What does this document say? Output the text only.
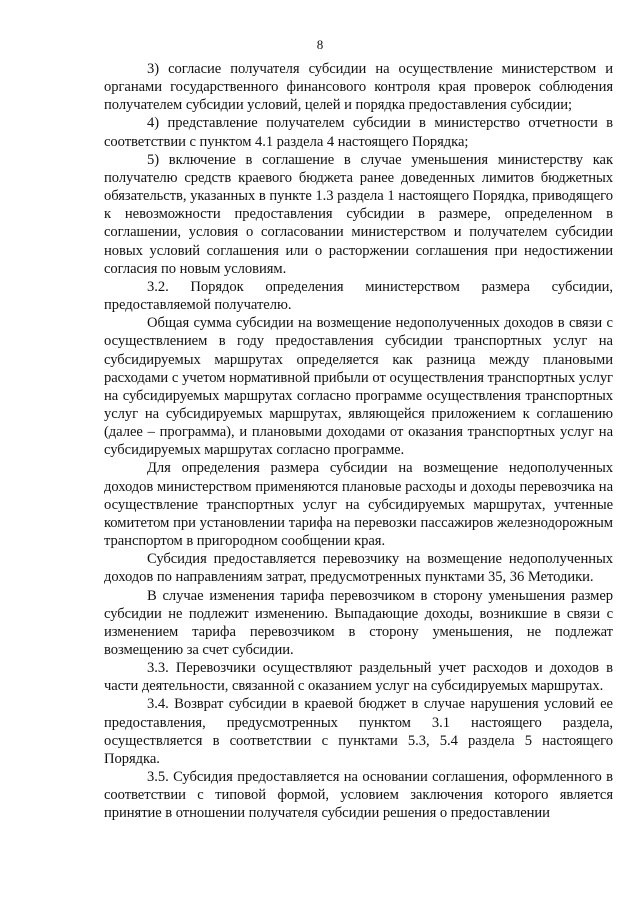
8

3) согласие получателя субсидии на осуществление министерством и органами государственного финансового контроля края проверок соблюдения получателем субсидии условий, целей и порядка предоставления субсидии;

4) представление получателем субсидии в министерство отчетности в соответствии с пунктом 4.1 раздела 4 настоящего Порядка;

5) включение в соглашение в случае уменьшения министерству как получателю средств краевого бюджета ранее доведенных лимитов бюджетных обязательств, указанных в пункте 1.3 раздела 1 настоящего Порядка, приводящего к невозможности предоставления субсидии в размере, определенном в соглашении, условия о согласовании министерством и получателем субсидии новых условий соглашения или о расторжении соглашения при недостижении согласия по новым условиям.

3.2. Порядок определения министерством размера субсидии, предоставляемой получателю.

Общая сумма субсидии на возмещение недополученных доходов в связи с осуществлением в году предоставления субсидии транспортных услуг на субсидируемых маршрутах определяется как разница между плановыми расходами с учетом нормативной прибыли от осуществления транспортных услуг на субсидируемых маршрутах согласно программе осуществления транспортных услуг на субсидируемых маршрутах, являющейся приложением к соглашению (далее – программа), и плановыми доходами от оказания транспортных услуг на субсидируемых маршрутах согласно программе.

Для определения размера субсидии на возмещение недополученных доходов министерством применяются плановые расходы и доходы перевозчика на осуществление транспортных услуг на субсидируемых маршрутах, учтенные комитетом при установлении тарифа на перевозки пассажиров железнодорожным транспортом в пригородном сообщении края.

Субсидия предоставляется перевозчику на возмещение недополученных доходов по направлениям затрат, предусмотренных пунктами 35, 36 Методики.

В случае изменения тарифа перевозчиком в сторону уменьшения размер субсидии не подлежит изменению. Выпадающие доходы, возникшие в связи с изменением тарифа перевозчиком в сторону уменьшения, не подлежат возмещению за счет субсидии.

3.3. Перевозчики осуществляют раздельный учет расходов и доходов в части деятельности, связанной с оказанием услуг на субсидируемых маршрутах.

3.4. Возврат субсидии в краевой бюджет в случае нарушения условий ее предоставления, предусмотренных пунктом 3.1 настоящего раздела, осуществляется в соответствии с пунктами 5.3, 5.4 раздела 5 настоящего Порядка.

3.5. Субсидия предоставляется на основании соглашения, оформленного в соответствии с типовой формой, условием заключения которого является принятие в отношении получателя субсидии решения о предоставлении
